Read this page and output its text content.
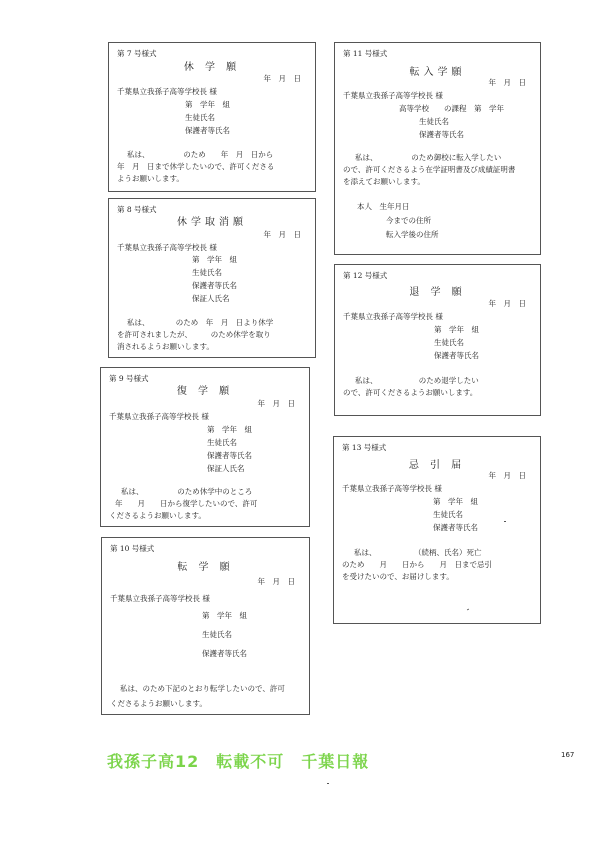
第 7 号様式
休 学 願
年　月　日
千葉県立我孫子高等学校長 様
第　学年　組
生徒氏名
保護者等氏名
私は、　　　　　のため　　年　月　日から
年　月　日まで休学したいので、許可くださる
ようお願いします。
第 8 号様式
休学取消願
年　月　日
千葉県立我孫子高等学校長 様
第　学年　組
生徒氏名
保護者等氏名
保証人氏名
私は、　　　　のため　年　月　日より休学
を許可されましたが、　　　のため休学を取り
消されるようお願いします。
第 9 号様式
復 学 願
年　月　日
千葉県立我孫子高等学校長 様
第　学年　組
生徒氏名
保護者等氏名
保証人氏名
私は、　　　　　のため休学中のところ
年　　月　　日から復学したいので、許可
くださるようお願いします。
第 10 号様式
転 学 願
年　月　日
千葉県立我孫子高等学校長 様
第　学年　組
生徒氏名
保護者等氏名
私は、のため下記のとおり転学したいので、許可
くださるようお願いします。
第 11 号様式
転入学願
年　月　日
千葉県立我孫子高等学校長 様
高等学校　　の課程　第　学年
生徒氏名
保護者等氏名
私は、　　　　　のため御校に転入学したい
ので、許可くださるよう在学証明書及び成績証明書
を添えてお願いします。
本人　生年月日
今までの住所
転入学後の住所
第 12 号様式
退 学 願
年　月　日
千葉県立我孫子高等学校長 様
第　学年　組
生徒氏名
保護者等氏名
私は、　　　　　　のため退学したい
ので、許可くださるようお願いします。
第 13 号様式
忌 引 届
年　月　日
千葉県立我孫子高等学校長 様
第　学年　組
生徒氏名
保護者等氏名
私は、　　　　　　（続柄、氏名）死亡
のため　　月　　日から　　月　日まで忌引
を受けたいので、お届けします。
我孫子高12　転載不可　千葉日報	167
